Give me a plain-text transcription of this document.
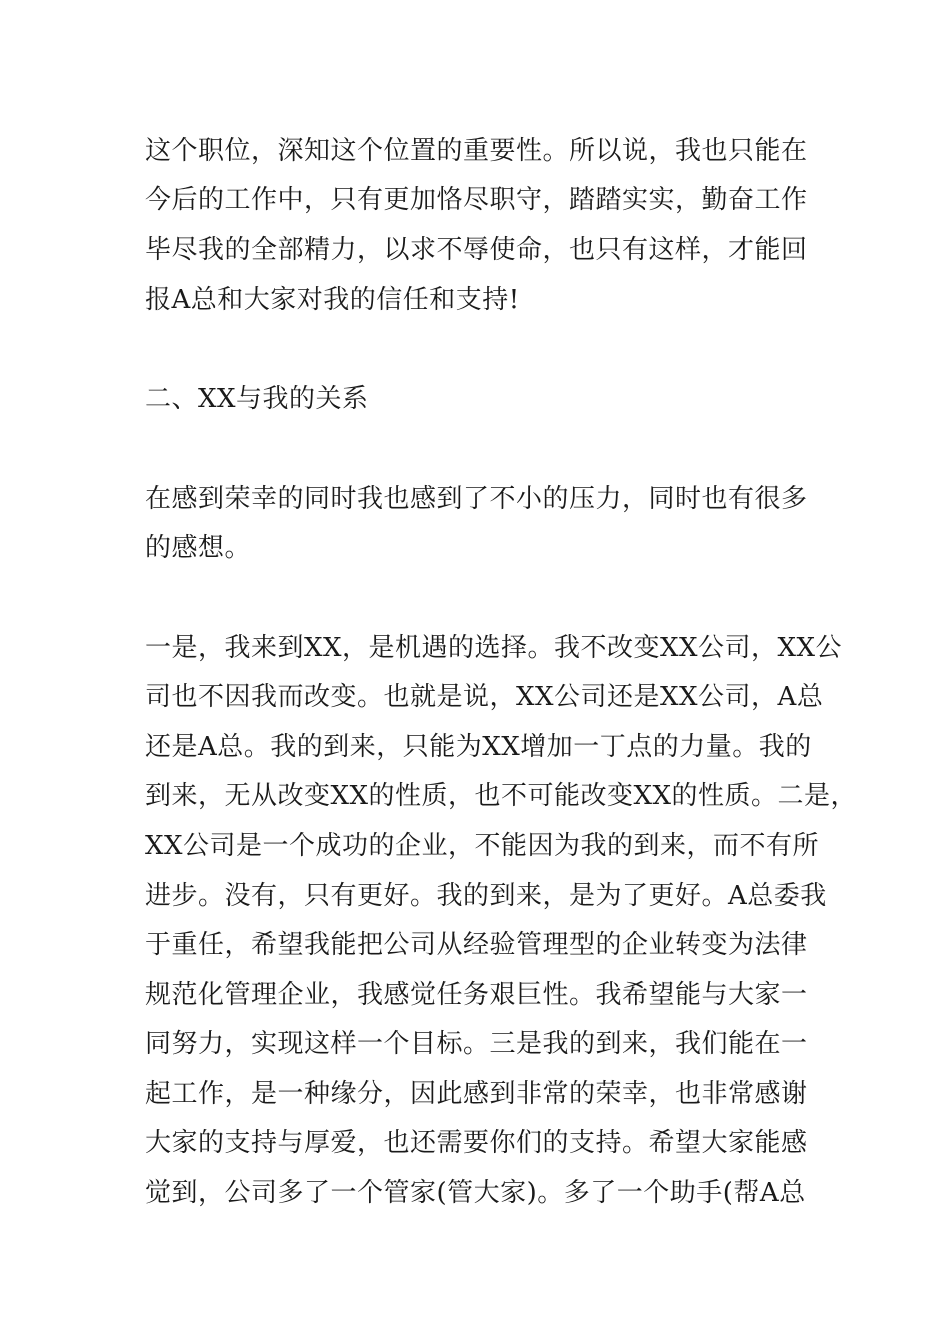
这个职位，深知这个位置的重要性。所以说，我也只能在

今后的工作中，只有更加恪尽职守，踏踏实实，勤奋工作

毕尽我的全部精力，以求不辱使命，也只有这样，才能回

报A总和大家对我的信任和支持!

二、XX与我的关系

在感到荣幸的同时我也感到了不小的压力，同时也有很多

的感想。

一是，我来到XX，是机遇的选择。我不改变XX公司，XX公

司也不因我而改变。也就是说，XX公司还是XX公司，A总

还是A总。我的到来，只能为XX增加一丁点的力量。我的

到来，无从改变XX的性质，也不可能改变XX的性质。二是，

XX公司是一个成功的企业，不能因为我的到来，而不有所

进步。没有，只有更好。我的到来，是为了更好。A总委我

于重任，希望我能把公司从经验管理型的企业转变为法律

规范化管理企业，我感觉任务艰巨性。我希望能与大家一

同努力，实现这样一个目标。三是我的到来，我们能在一

起工作，是一种缘分，因此感到非常的荣幸，也非常感谢

大家的支持与厚爱，也还需要你们的支持。希望大家能感

觉到，公司多了一个管家(管大家)。多了一个助手(帮A总
